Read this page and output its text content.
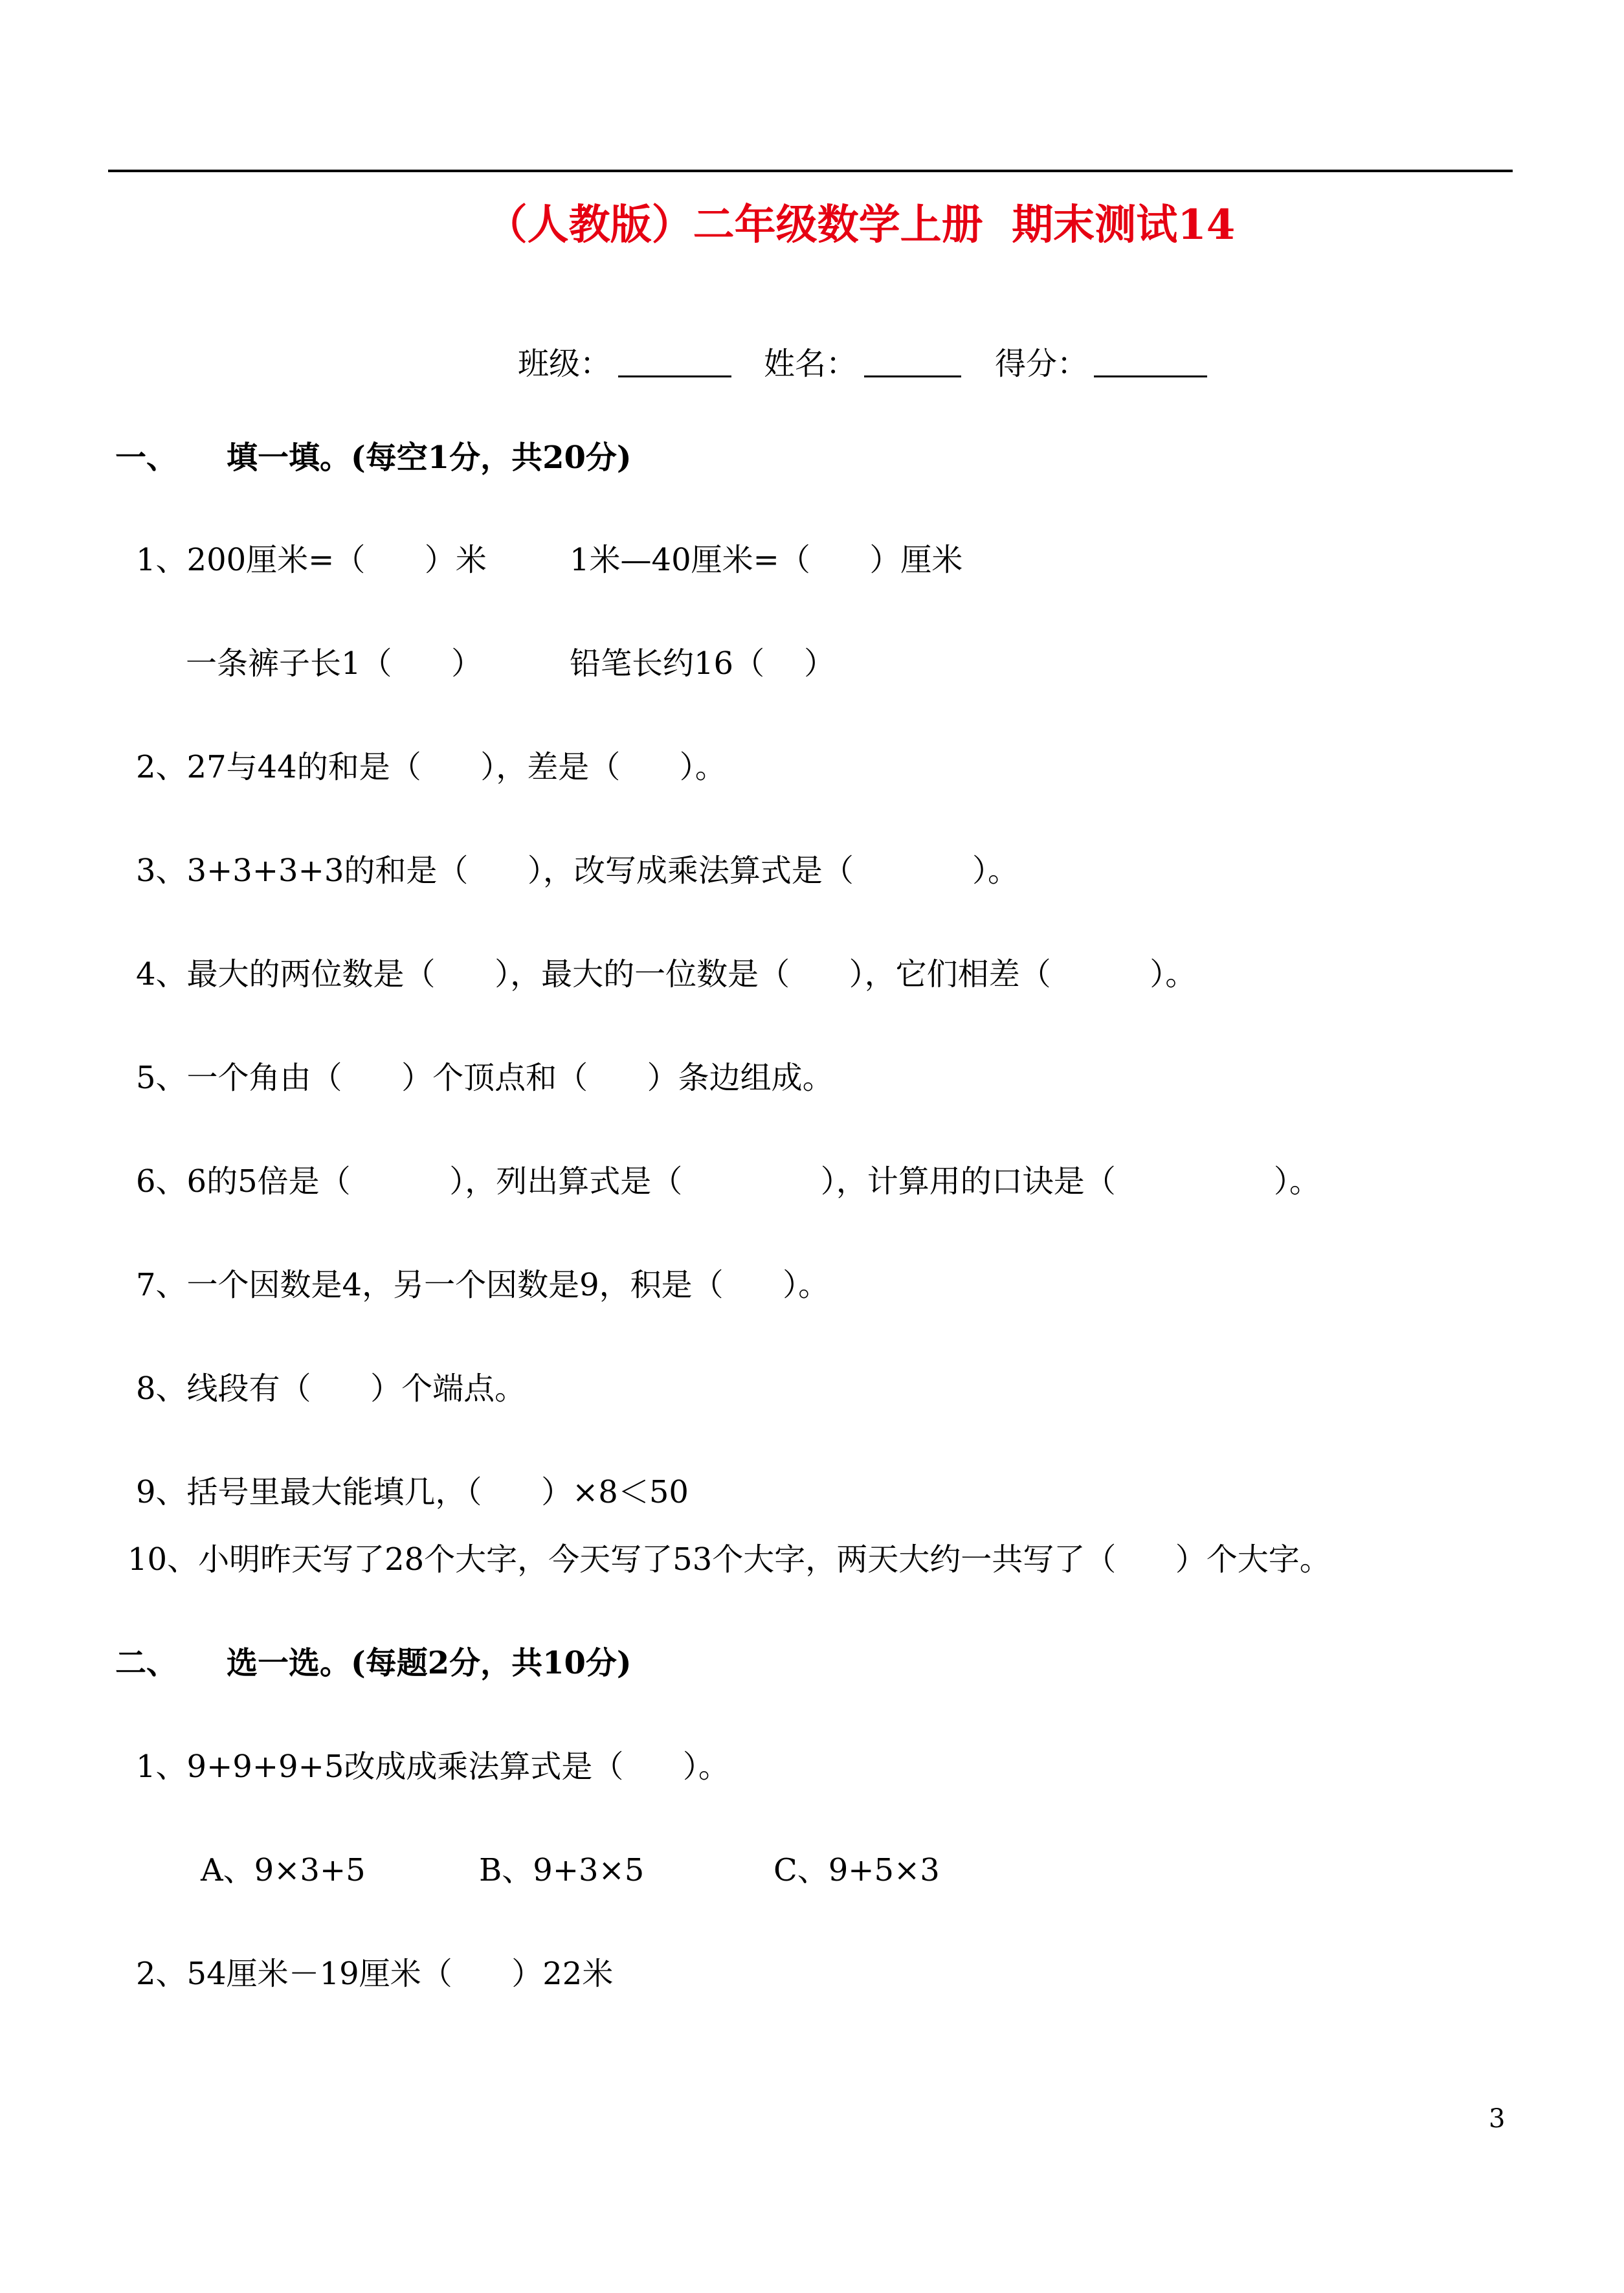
（人教版）二年级数学上册  期末测试14
班级：	姓名：	得分：
一、 填一填。(每空1分，共20分)
1、200厘米=（      ）米	1米—40厘米=（      ）厘米
一条裤子长1（      ）	铅笔长约16（    ）
2、27与44的和是（      ），差是（      ）。
3、3+3+3+3的和是（      ），改写成乘法算式是（            ）。
4、最大的两位数是（      ），最大的一位数是（      ），它们相差（          ）。
5、一个角由（      ）个顶点和（      ）条边组成。
6、6的5倍是（          ），列出算式是（              ），计算用的口诀是（                ）。
7、一个因数是4，另一个因数是9，积是（      ）。
8、线段有（      ）个端点。
9、括号里最大能填几，（      ）×8＜50
10、小明昨天写了28个大字，今天写了53个大字，两天大约一共写了（      ）个大字。
二、 选一选。(每题2分，共10分)
1、9+9+9+5改成成乘法算式是（      ）。
A、9×3+5	B、9+3×5	C、9+5×3
2、54厘米－19厘米（      ）22米
3
